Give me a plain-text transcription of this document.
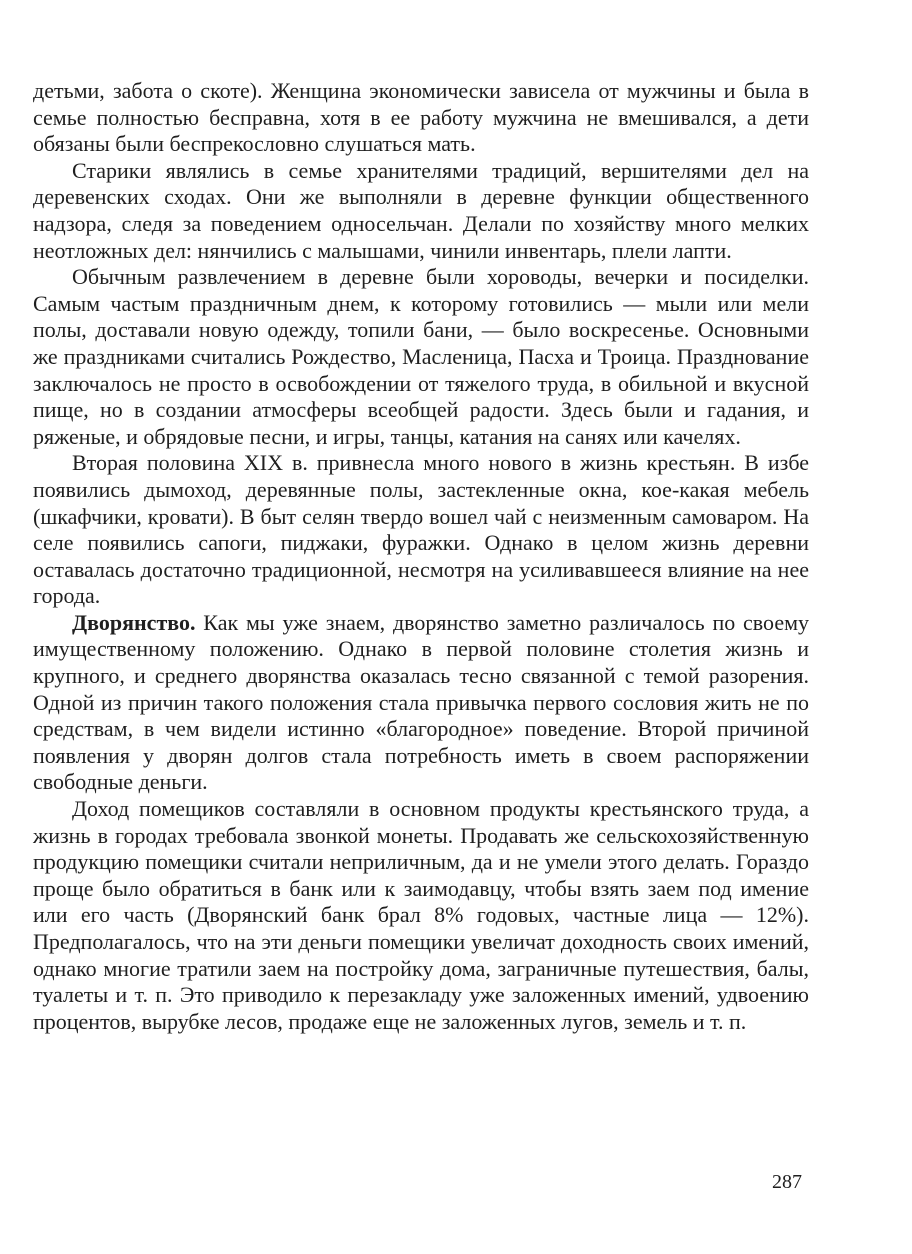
детьми, забота о скоте). Женщина экономически зависела от мужчины и была в семье полностью бесправна, хотя в ее работу мужчина не вмешивался, а дети обязаны были беспрекословно слушаться мать.

Старики являлись в семье хранителями традиций, вершителями дел на деревенских сходах. Они же выполняли в деревне функции общественного надзора, следя за поведением односельчан. Делали по хозяйству много мелких неотложных дел: нянчились с малышами, чинили инвентарь, плели лапти.

Обычным развлечением в деревне были хороводы, вечерки и посиделки. Самым частым праздничным днем, к которому готовились — мыли или мели полы, доставали новую одежду, топили бани, — было воскресенье. Основными же праздниками считались Рождество, Масленица, Пасха и Троица. Празднование заключалось не просто в освобождении от тяжелого труда, в обильной и вкусной пище, но в создании атмосферы всеобщей радости. Здесь были и гадания, и ряженые, и обрядовые песни, и игры, танцы, катания на санях или качелях.

Вторая половина XIX в. привнесла много нового в жизнь крестьян. В избе появились дымоход, деревянные полы, застекленные окна, кое-какая мебель (шкафчики, кровати). В быт селян твердо вошел чай с неизменным самоваром. На селе появились сапоги, пиджаки, фуражки. Однако в целом жизнь деревни оставалась достаточно традиционной, несмотря на усиливавшееся влияние на нее города.

Дворянство. Как мы уже знаем, дворянство заметно различалось по своему имущественному положению. Однако в первой половине столетия жизнь и крупного, и среднего дворянства оказалась тесно связанной с темой разорения. Одной из причин такого положения стала привычка первого сословия жить не по средствам, в чем видели истинно «благородное» поведение. Второй причиной появления у дворян долгов стала потребность иметь в своем распоряжении свободные деньги.

Доход помещиков составляли в основном продукты крестьянского труда, а жизнь в городах требовала звонкой монеты. Продавать же сельскохозяйственную продукцию помещики считали неприличным, да и не умели этого делать. Гораздо проще было обратиться в банк или к заимодавцу, чтобы взять заем под имение или его часть (Дворянский банк брал 8% годовых, частные лица — 12%). Предполагалось, что на эти деньги помещики увеличат доходность своих имений, однако многие тратили заем на постройку дома, заграничные путешествия, балы, туалеты и т. п. Это приводило к перезакладу уже заложенных имений, удвоению процентов, вырубке лесов, продаже еще не заложенных лугов, земель и т. п.

287
